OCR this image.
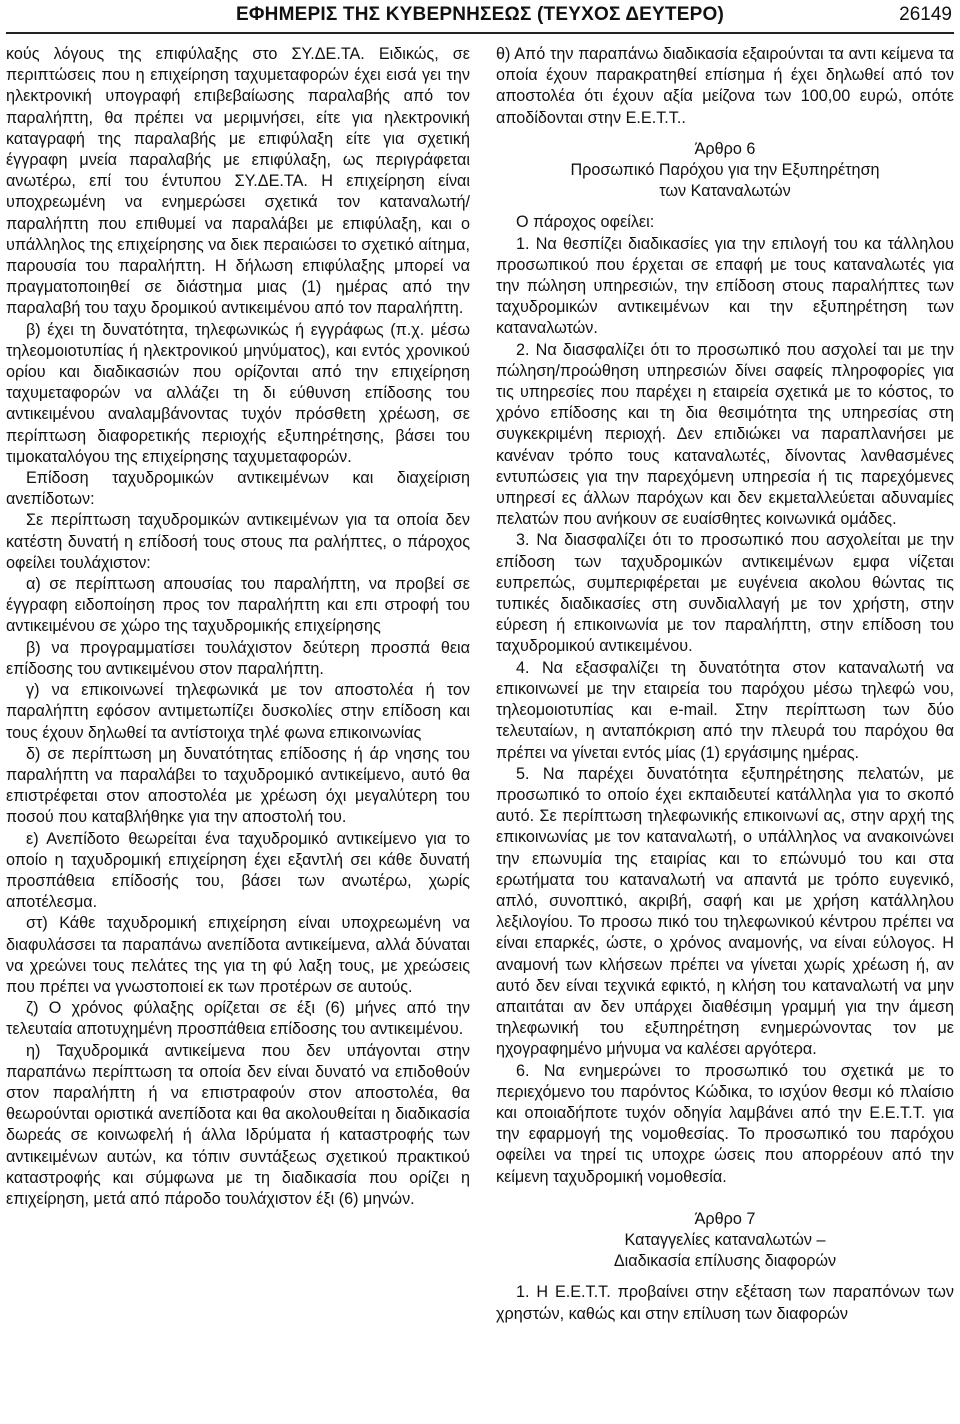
ΕΦΗΜΕΡΙΣ ΤΗΣ ΚΥΒΕΡΝΗΣΕΩΣ (ΤΕΥΧΟΣ ΔΕΥΤΕΡΟ)	26149

κούς λόγους της επιφύλαξης στο ΣΥ.ΔΕ.ΤΑ. Ειδικώς, σε περιπτώσεις που η επιχείρηση ταχυμεταφορών έχει εισά γει την ηλεκτρονική υπογραφή επιβεβαίωσης παραλαβής από τον παραλήπτη, θα πρέπει να μεριμνήσει, είτε για ηλεκτρονική καταγραφή της παραλαβής με επιφύλαξη είτε για σχετική έγγραφη μνεία παραλαβής με επιφύλαξη, ως περιγράφεται ανωτέρω, επί του έντυπου ΣΥ.ΔΕ.ΤΑ. Η επιχείρηση είναι υποχρεωμένη να ενημερώσει σχετικά τον καταναλωτή/παραλήπτη που επιθυμεί να παραλάβει με επιφύλαξη, και ο υπάλληλος της επιχείρησης να διεκ περαιώσει το σχετικό αίτημα, παρουσία του παραλήπτη. Η δήλωση επιφύλαξης μπορεί να πραγματοποιηθεί σε διάστημα μιας (1) ημέρας από την παραλαβή του ταχυ δρομικού αντικειμένου από τον παραλήπτη.

β) έχει τη δυνατότητα, τηλεφωνικώς ή εγγράφως (π.χ. μέσω τηλεομοιοτυπίας ή ηλεκτρονικού μηνύματος), και εντός χρονικού ορίου και διαδικασιών που ορίζονται από την επιχείρηση ταχυμεταφορών να αλλάζει τη δι εύθυνση επίδοσης του αντικειμένου αναλαμβάνοντας τυχόν πρόσθετη χρέωση, σε περίπτωση διαφορετικής περιοχής εξυπηρέτησης, βάσει του τιμοκαταλόγου της επιχείρησης ταχυμεταφορών.

Επίδοση ταχυδρομικών αντικειμένων και διαχείριση ανεπίδοτων:

Σε περίπτωση ταχυδρομικών αντικειμένων για τα οποία δεν κατέστη δυνατή η επίδοσή τους στους πα ραλήπτες, ο πάροχος οφείλει τουλάχιστον:

α) σε περίπτωση απουσίας του παραλήπτη, να προβεί σε έγγραφη ειδοποίηση προς τον παραλήπτη και επι στροφή του αντικειμένου σε χώρο της ταχυδρομικής επιχείρησης

β) να προγραμματίσει τουλάχιστον δεύτερη προσπά θεια επίδοσης του αντικειμένου στον παραλήπτη.

γ) να επικοινωνεί τηλεφωνικά με τον αποστολέα ή τον παραλήπτη εφόσον αντιμετωπίζει δυσκολίες στην επίδοση και τους έχουν δηλωθεί τα αντίστοιχα τηλέ φωνα επικοινωνίας

δ) σε περίπτωση μη δυνατότητας επίδοσης ή άρ νησης του παραλήπτη να παραλάβει το ταχυδρομικό αντικείμενο, αυτό θα επιστρέφεται στον αποστολέα με χρέωση όχι μεγαλύτερη του ποσού που καταβλήθηκε για την αποστολή του.

ε) Ανεπίδοτο θεωρείται ένα ταχυδρομικό αντικείμενο για το οποίο η ταχυδρομική επιχείρηση έχει εξαντλή σει κάθε δυνατή προσπάθεια επίδοσής του, βάσει των ανωτέρω, χωρίς αποτέλεσμα.

στ) Κάθε ταχυδρομική επιχείρηση είναι υποχρεωμένη να διαφυλάσσει τα παραπάνω ανεπίδοτα αντικείμενα, αλλά δύναται να χρεώνει τους πελάτες της για τη φύ λαξη τους, με χρεώσεις που πρέπει να γνωστοποιεί εκ των προτέρων σε αυτούς.

ζ) Ο χρόνος φύλαξης ορίζεται σε έξι (6) μήνες από την τελευταία αποτυχημένη προσπάθεια επίδοσης του αντικειμένου.

η) Ταχυδρομικά αντικείμενα που δεν υπάγονται στην παραπάνω περίπτωση τα οποία δεν είναι δυνατό να επιδοθούν στον παραλήπτη ή να επιστραφούν στον αποστολέα, θα θεωρούνται οριστικά ανεπίδοτα και θα ακολουθείται η διαδικασία δωρεάς σε κοινωφελή ή άλλα Ιδρύματα ή καταστροφής των αντικειμένων αυτών, κα τόπιν συντάξεως σχετικού πρακτικού καταστροφής και σύμφωνα με τη διαδικασία που ορίζει η επιχείρηση, μετά από πάροδο τουλάχιστον έξι (6) μηνών.

θ) Από την παραπάνω διαδικασία εξαιρούνται τα αντι κείμενα τα οποία έχουν παρακρατηθεί επίσημα ή έχει δηλωθεί από τον αποστολέα ότι έχουν αξία μείζονα των 100,00 ευρώ, οπότε αποδίδονται στην Ε.Ε.Τ.Τ..

Άρθρο 6

Προσωπικό Παρόχου για την Εξυπηρέτηση

των Καταναλωτών

Ο πάροχος οφείλει:

1. Να θεσπίζει διαδικασίες για την επιλογή του κα τάλληλου προσωπικού που έρχεται σε επαφή με τους καταναλωτές για την πώληση υπηρεσιών, την επίδοση στους παραλήπτες των ταχυδρομικών αντικειμένων και την εξυπηρέτηση των καταναλωτών.

2. Να διασφαλίζει ότι το προσωπικό που ασχολεί ται με την πώληση/προώθηση υπηρεσιών δίνει σαφείς πληροφορίες για τις υπηρεσίες που παρέχει η εταιρεία σχετικά με το κόστος, το χρόνο επίδοσης και τη δια θεσιμότητα της υπηρεσίας στη συγκεκριμένη περιοχή. Δεν επιδιώκει να παραπλανήσει με κανέναν τρόπο τους καταναλωτές, δίνοντας λανθασμένες εντυπώσεις για την παρεχόμενη υπηρεσία ή τις παρεχόμενες υπηρεσί ες άλλων παρόχων και δεν εκμεταλλεύεται αδυναμίες πελατών που ανήκουν σε ευαίσθητες κοινωνικά ομάδες.

3. Να διασφαλίζει ότι το προσωπικό που ασχολείται με την επίδοση των ταχυδρομικών αντικειμένων εμφα νίζεται ευπρεπώς, συμπεριφέρεται με ευγένεια ακολου θώντας τις τυπικές διαδικασίες στη συνδιαλλαγή με τον χρήστη, στην εύρεση ή επικοινωνία με τον παραλήπτη, στην επίδοση του ταχυδρομικού αντικειμένου.

4. Να εξασφαλίζει τη δυνατότητα στον καταναλωτή να επικοινωνεί με την εταιρεία του παρόχου μέσω τηλεφώ νου, τηλεομοιοτυπίας και e-mail. Στην περίπτωση των δύο τελευταίων, η ανταπόκριση από την πλευρά του παρόχου θα πρέπει να γίνεται εντός μίας (1) εργάσιμης ημέρας.

5. Να παρέχει δυνατότητα εξυπηρέτησης πελατών, με προσωπικό το οποίο έχει εκπαιδευτεί κατάλληλα για το σκοπό αυτό. Σε περίπτωση τηλεφωνικής επικοινωνί ας, στην αρχή της επικοινωνίας με τον καταναλωτή, ο υπάλληλος να ανακοινώνει την επωνυμία της εταιρίας και το επώνυμό του και στα ερωτήματα του καταναλωτή να απαντά με τρόπο ευγενικό, απλό, συνοπτικό, ακριβή, σαφή και με χρήση κατάλληλου λεξιλογίου. Το προσω πικό του τηλεφωνικού κέντρου πρέπει να είναι επαρκές, ώστε, ο χρόνος αναμονής, να είναι εύλογος. Η αναμονή των κλήσεων πρέπει να γίνεται χωρίς χρέωση ή, αν αυτό δεν είναι τεχνικά εφικτό, η κλήση του καταναλωτή να μην απαιτάται αν δεν υπάρχει διαθέσιμη γραμμή για την άμεση τηλεφωνική του εξυπηρέτηση ενημερώνοντας τον με ηχογραφημένο μήνυμα να καλέσει αργότερα.

6. Να ενημερώνει το προσωπικό του σχετικά με το περιεχόμενο του παρόντος Κώδικα, το ισχύον θεσμι κό πλαίσιο και οποιαδήποτε τυχόν οδηγία λαμβάνει από την Ε.Ε.Τ.Τ. για την εφαρμογή της νομοθεσίας. Το προσωπικό του παρόχου οφείλει να τηρεί τις υποχρε ώσεις που απορρέουν από την κείμενη ταχυδρομική νομοθεσία.

Άρθρο 7

Καταγγελίες καταναλωτών –

Διαδικασία επίλυσης διαφορών

1. Η Ε.Ε.Τ.Τ. προβαίνει στην εξέταση των παραπόνων των χρηστών, καθώς και στην επίλυση των διαφορών
